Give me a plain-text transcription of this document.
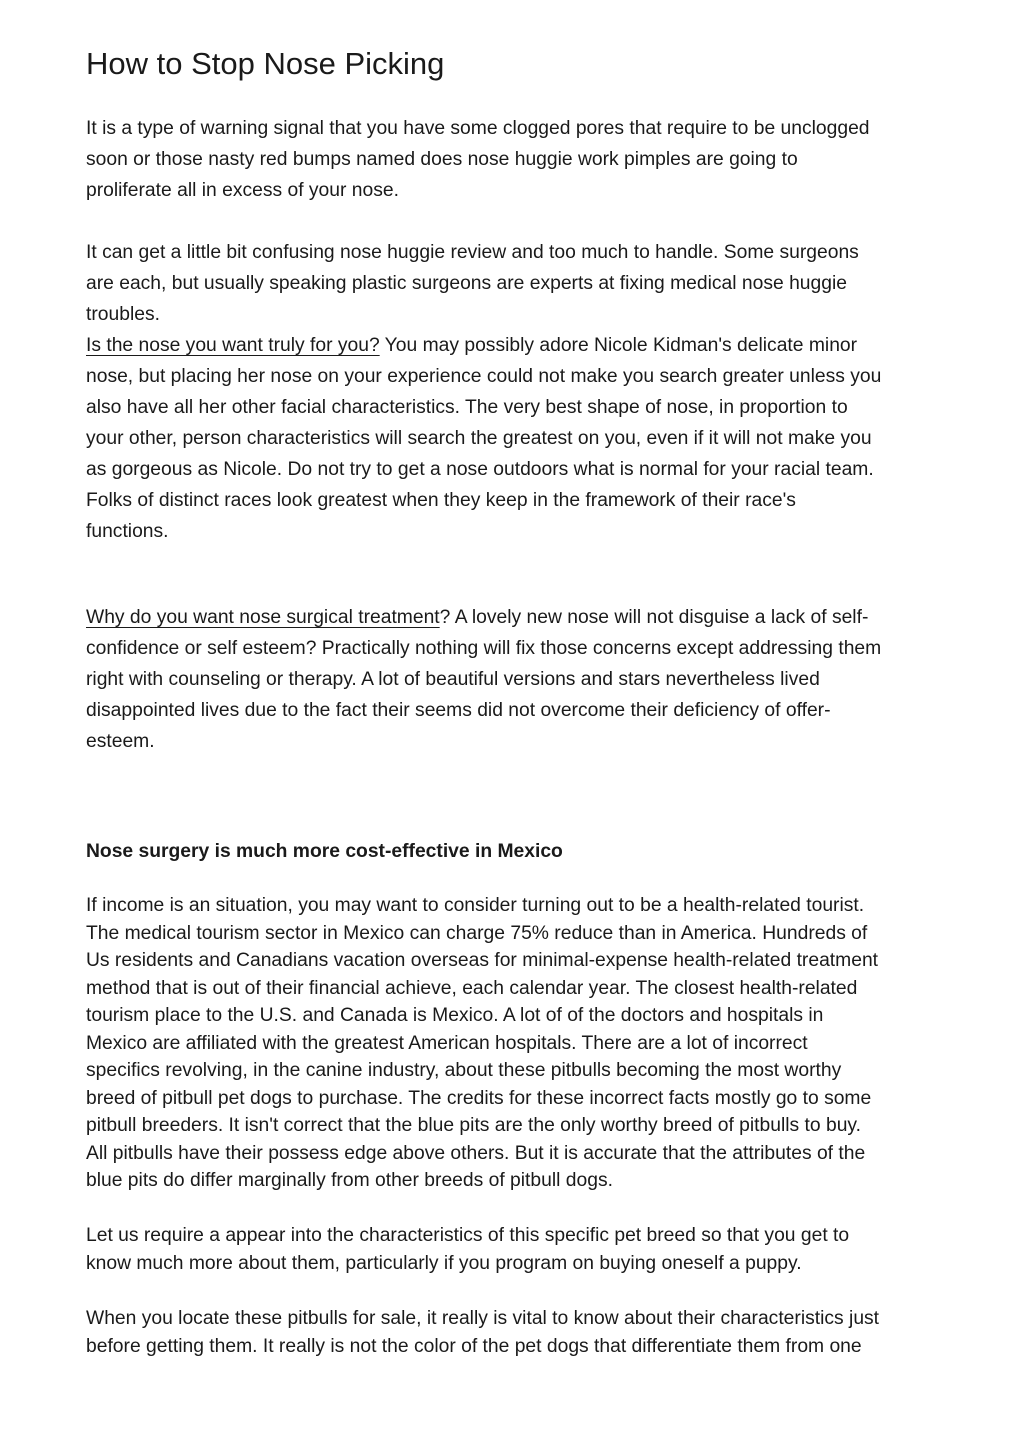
How to Stop Nose Picking

It is a type of warning signal that you have some clogged pores that require to be unclogged
soon or those nasty red bumps named does nose huggie work pimples are going to
proliferate all in excess of your nose.

It can get a little bit confusing nose huggie review and too much to handle. Some surgeons
are each, but usually speaking plastic surgeons are experts at fixing medical nose huggie
troubles.

Is the nose you want truly for you? You may possibly adore Nicole Kidman's delicate minor
nose, but placing her nose on your experience could not make you search greater unless you
also have all her other facial characteristics. The very best shape of nose, in proportion to
your other, person characteristics will search the greatest on you, even if it will not make you
as gorgeous as Nicole. Do not try to get a nose outdoors what is normal for your racial team.
Folks of distinct races look greatest when they keep in the framework of their race's
functions.

Why do you want nose surgical treatment? A lovely new nose will not disguise a lack of self-
confidence or self esteem? Practically nothing will fix those concerns except addressing them
right with counseling or therapy. A lot of beautiful versions and stars nevertheless lived
disappointed lives due to the fact their seems did not overcome their deficiency of offer-
esteem.

Nose surgery is much more cost-effective in Mexico

If income is an situation, you may want to consider turning out to be a health-related tourist.
The medical tourism sector in Mexico can charge 75% reduce than in America. Hundreds of
Us residents and Canadians vacation overseas for minimal-expense health-related treatment
method that is out of their financial achieve, each calendar year. The closest health-related
tourism place to the U.S. and Canada is Mexico. A lot of of the doctors and hospitals in
Mexico are affiliated with the greatest American hospitals. There are a lot of incorrect
specifics revolving, in the canine industry, about these pitbulls becoming the most worthy
breed of pitbull pet dogs to purchase. The credits for these incorrect facts mostly go to some
pitbull breeders. It isn't correct that the blue pits are the only worthy breed of pitbulls to buy.
All pitbulls have their possess edge above others. But it is accurate that the attributes of the
blue pits do differ marginally from other breeds of pitbull dogs.

Let us require a appear into the characteristics of this specific pet breed so that you get to
know much more about them, particularly if you program on buying oneself a puppy.

When you locate these pitbulls for sale, it really is vital to know about their characteristics just
before getting them. It really is not the color of the pet dogs that differentiate them from one
